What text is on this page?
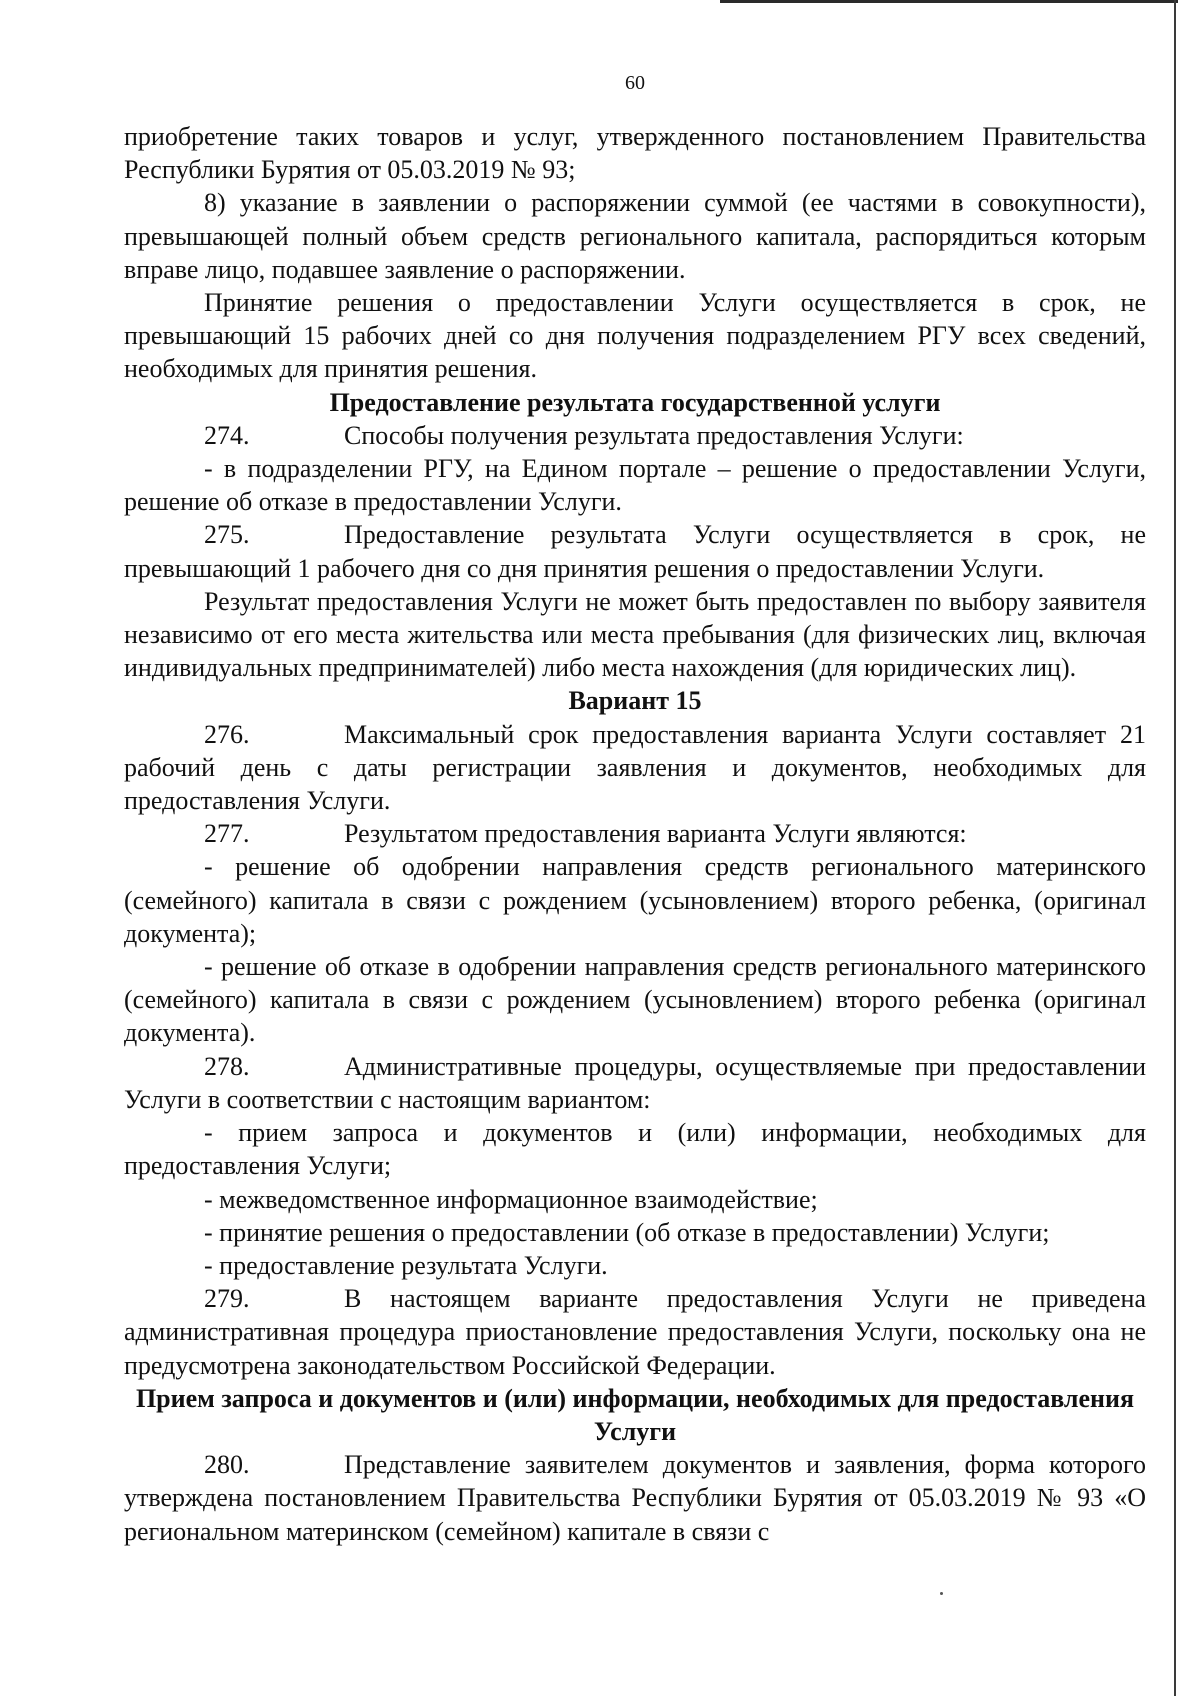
60

приобретение таких товаров и услуг, утвержденного постановлением Правительства Республики Бурятия от 05.03.2019 № 93;

8) указание в заявлении о распоряжении суммой (ее частями в совокупности), превышающей полный объем средств регионального капитала, распорядиться которым вправе лицо, подавшее заявление о распоряжении.

Принятие решения о предоставлении Услуги осуществляется в срок, не превышающий 15 рабочих дней со дня получения подразделением РГУ всех сведений, необходимых для принятия решения.

Предоставление результата государственной услуги

274.	Способы получения результата предоставления Услуги:

- в подразделении РГУ, на Едином портале – решение о предоставлении Услуги, решение об отказе в предоставлении Услуги.

275.	Предоставление результата Услуги осуществляется в срок, не превышающий 1 рабочего дня со дня принятия решения о предоставлении Услуги.

Результат предоставления Услуги не может быть предоставлен по выбору заявителя независимо от его места жительства или места пребывания (для физических лиц, включая индивидуальных предпринимателей) либо места нахождения (для юридических лиц).

Вариант 15

276.	Максимальный срок предоставления варианта Услуги составляет 21 рабочий день с даты регистрации заявления и документов, необходимых для предоставления Услуги.

277.	Результатом предоставления варианта Услуги являются:

- решение об одобрении направления средств регионального материнского (семейного) капитала в связи с рождением (усыновлением) второго ребенка, (оригинал документа);

- решение об отказе в одобрении направления средств регионального материнского (семейного) капитала в связи с рождением (усыновлением) второго ребенка (оригинал документа).

278.	Административные процедуры, осуществляемые при предоставлении Услуги в соответствии с настоящим вариантом:

- прием запроса и документов и (или) информации, необходимых для предоставления Услуги;

- межведомственное информационное взаимодействие;

- принятие решения о предоставлении (об отказе в предоставлении) Услуги;

- предоставление результата Услуги.

279.	В настоящем варианте предоставления Услуги не приведена административная процедура приостановление предоставления Услуги, поскольку она не предусмотрена законодательством Российской Федерации.

Прием запроса и документов и (или) информации, необходимых для предоставления Услуги

280.	Представление заявителем документов и заявления, форма которого утверждена постановлением Правительства Республики Бурятия от 05.03.2019 № 93 «О региональном материнском (семейном) капитале в связи с
